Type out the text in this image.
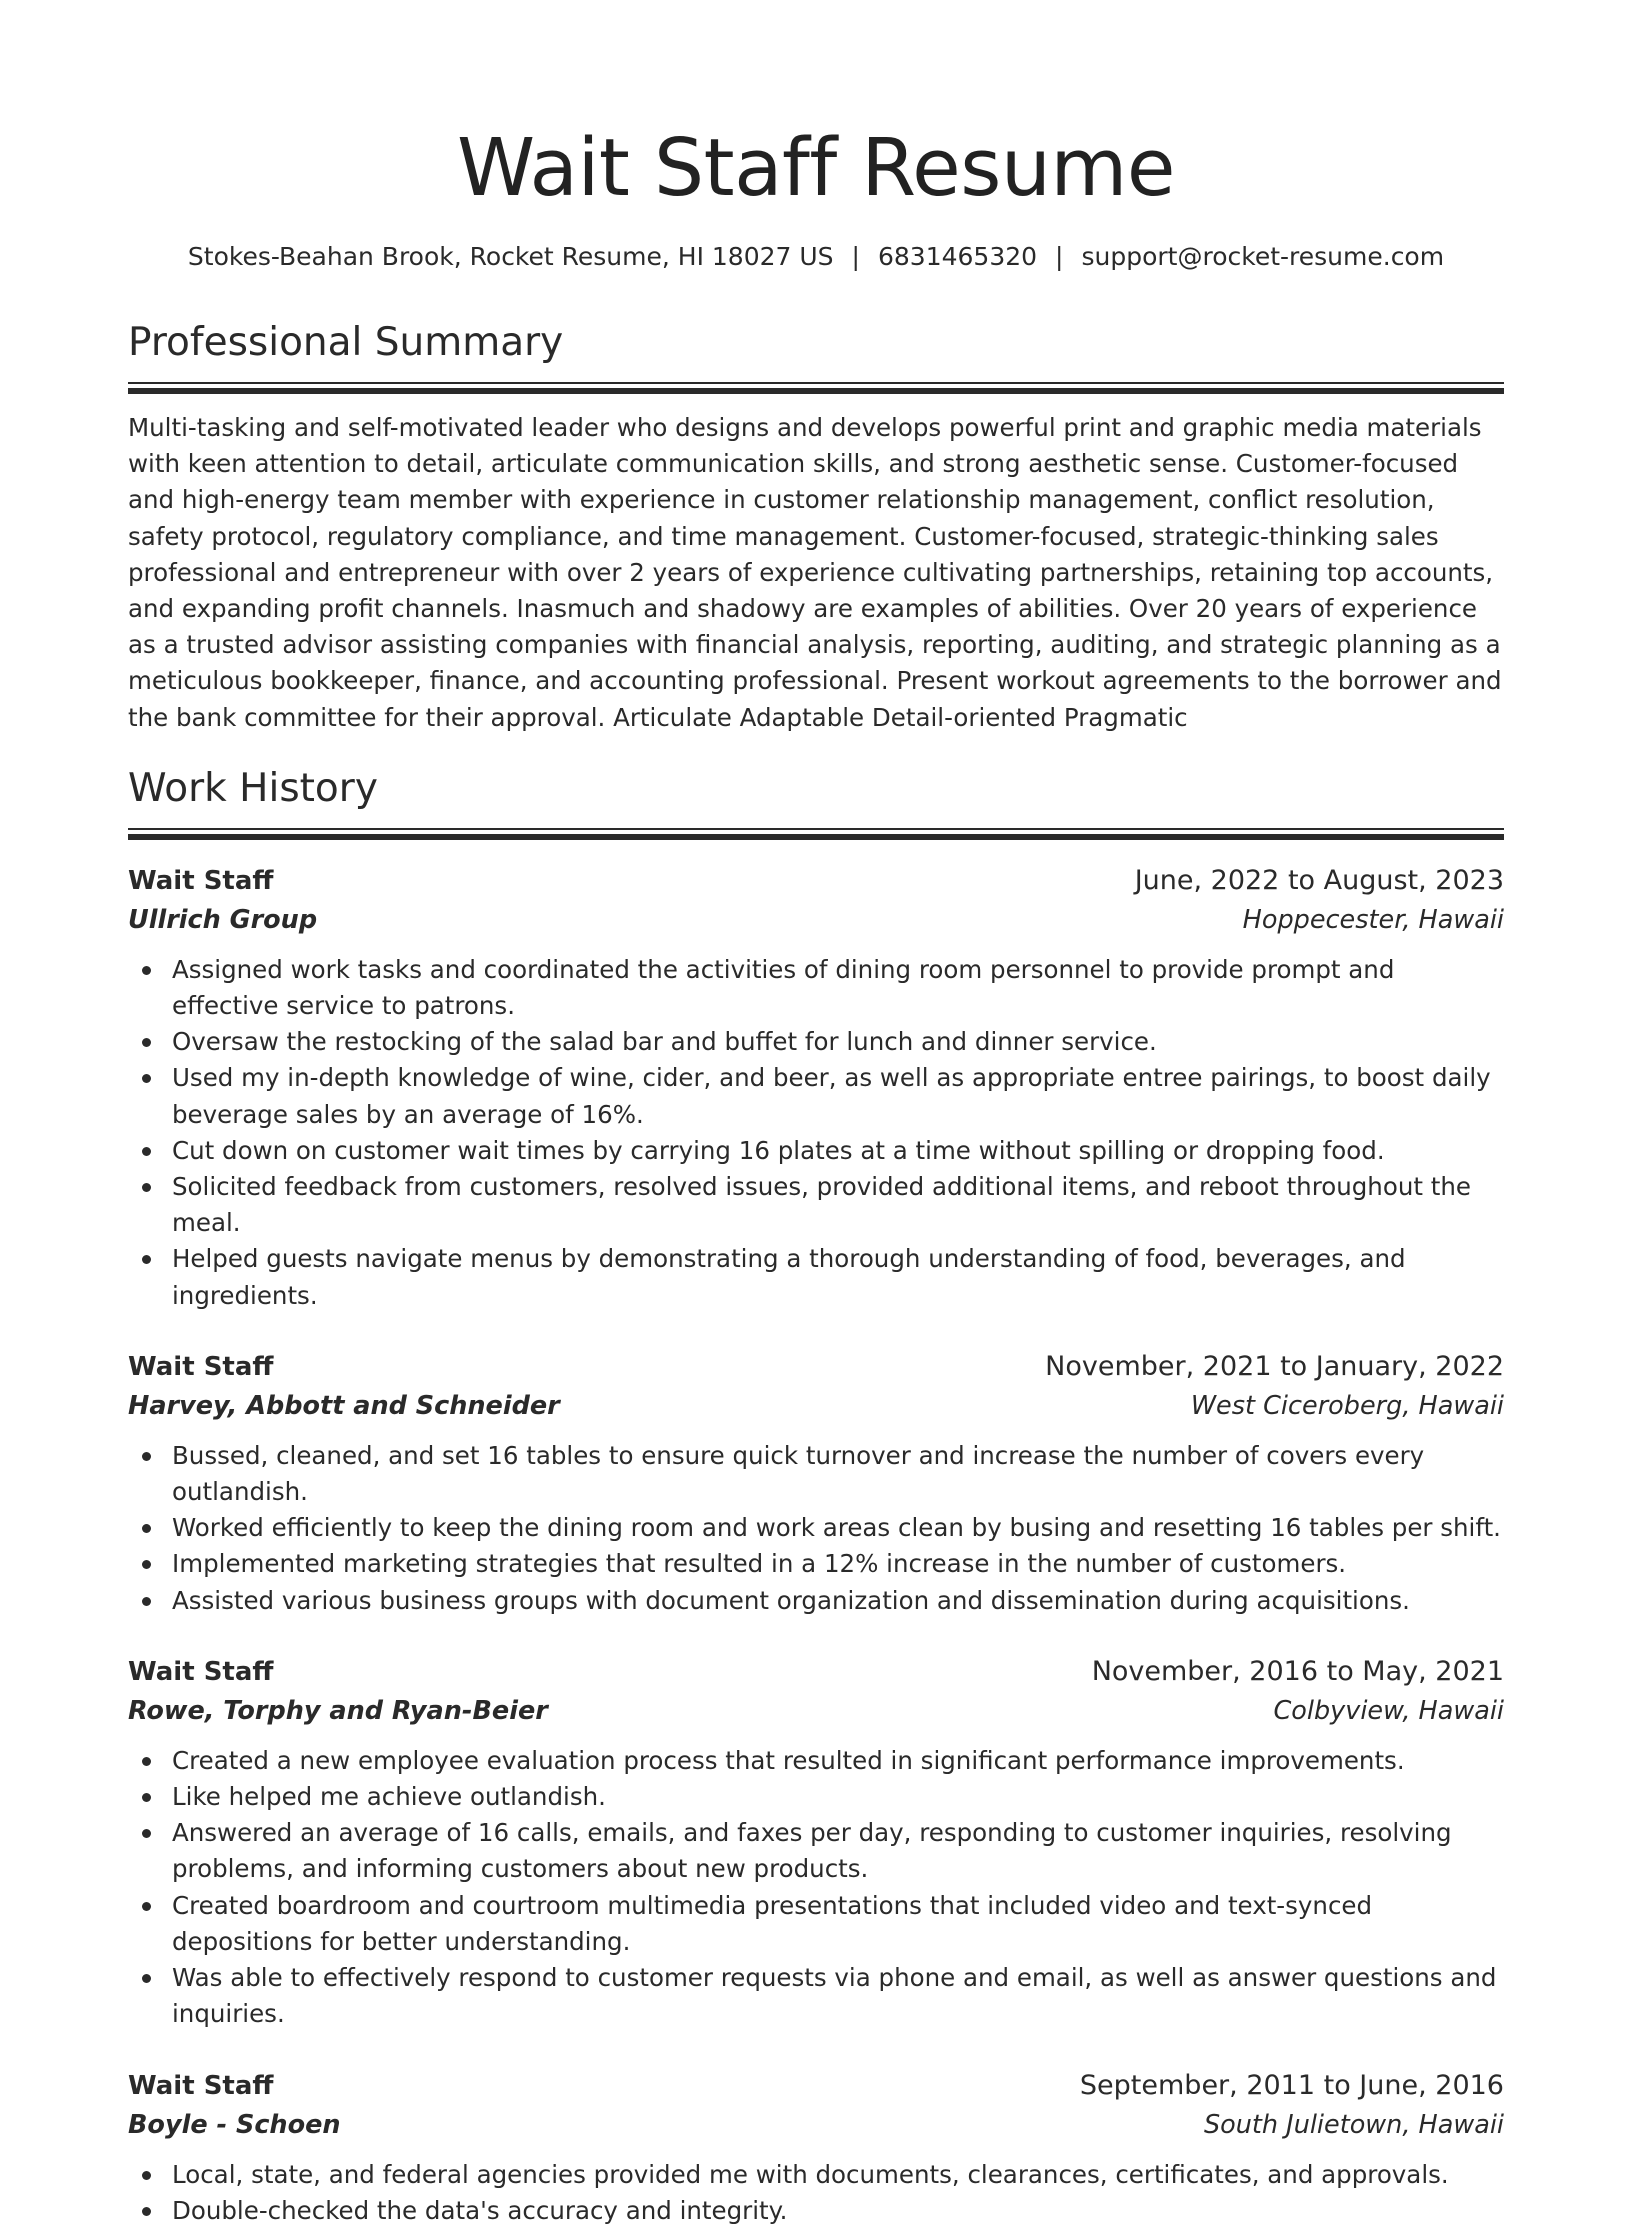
Wait Staff Resume
Stokes-Beahan Brook, Rocket Resume, HI 18027 US | 6831465320 | support@rocket-resume.com
Professional Summary

Multi-tasking and self-motivated leader who designs and develops powerful print and graphic media materials with keen attention to detail, articulate communication skills, and strong aesthetic sense. Customer-focused and high-energy team member with experience in customer relationship management, conflict resolution, safety protocol, regulatory compliance, and time management. Customer-focused, strategic-thinking sales professional and entrepreneur with over 2 years of experience cultivating partnerships, retaining top accounts, and expanding profit channels. Inasmuch and shadowy are examples of abilities. Over 20 years of experience as a trusted advisor assisting companies with financial analysis, reporting, auditing, and strategic planning as a meticulous bookkeeper, finance, and accounting professional. Present workout agreements to the borrower and the bank committee for their approval. Articulate Adaptable Detail-oriented Pragmatic

Work History
Wait Staff	June, 2022 to August, 2023
Ullrich Group	Hoppecester, Hawaii
Assigned work tasks and coordinated the activities of dining room personnel to provide prompt and effective service to patrons.
Oversaw the restocking of the salad bar and buffet for lunch and dinner service.
Used my in-depth knowledge of wine, cider, and beer, as well as appropriate entree pairings, to boost daily beverage sales by an average of 16%.
Cut down on customer wait times by carrying 16 plates at a time without spilling or dropping food.
Solicited feedback from customers, resolved issues, provided additional items, and reboot throughout the meal.
Helped guests navigate menus by demonstrating a thorough understanding of food, beverages, and ingredients.
Wait Staff	November, 2021 to January, 2022
Harvey, Abbott and Schneider	West Ciceroberg, Hawaii
Bussed, cleaned, and set 16 tables to ensure quick turnover and increase the number of covers every outlandish.
Worked efficiently to keep the dining room and work areas clean by busing and resetting 16 tables per shift.
Implemented marketing strategies that resulted in a 12% increase in the number of customers.
Assisted various business groups with document organization and dissemination during acquisitions.
Wait Staff	November, 2016 to May, 2021
Rowe, Torphy and Ryan-Beier	Colbyview, Hawaii
Created a new employee evaluation process that resulted in significant performance improvements.
Like helped me achieve outlandish.
Answered an average of 16 calls, emails, and faxes per day, responding to customer inquiries, resolving problems, and informing customers about new products.
Created boardroom and courtroom multimedia presentations that included video and text-synced depositions for better understanding.
Was able to effectively respond to customer requests via phone and email, as well as answer questions and inquiries.
Wait Staff	September, 2011 to June, 2016
Boyle - Schoen	South Julietown, Hawaii
Local, state, and federal agencies provided me with documents, clearances, certificates, and approvals.
Double-checked the data's accuracy and integrity.
